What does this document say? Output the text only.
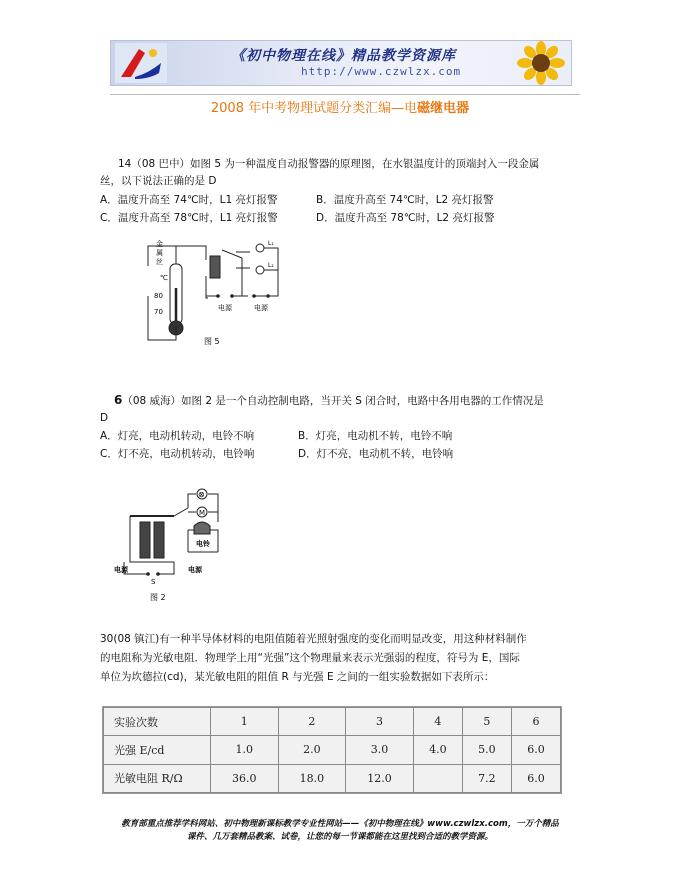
《初中物理在线》精品教学资源库
http://www.czwlzx.com
2008 年中考物理试题分类汇编—电磁继电器
14（08 巴中）如图 5 为一种温度自动报警器的原理图，在水银温度计的顶端封入一段金属
丝，以下说法正确的是 D
A．温度升高至 74℃时，L1 亮灯报警	B．温度升高至 74℃时，L2 亮灯报警
C．温度升高至 78℃时，L1 亮灯报警	D．温度升高至 78℃时，L2 亮灯报警
金
属
丝
℃
80
70
L₁
L₂
电源	电源
图 5
6（08 威海）如图 2 是一个自动控制电路，当开关 S 闭合时，电路中各用电器的工作情况是
D
A．灯亮，电动机转动，电铃不响	B．灯亮，电动机不转，电铃不响
C．灯不亮，电动机转动，电铃响	D．灯不亮，电动机不转，电铃响
⊗
M
电铃
电源	电源
S
图 2
30(08 镇江)有一种半导体材料的电阻值随着光照射强度的变化而明显改变，用这种材料制作
的电阻称为光敏电阻．物理学上用“光强”这个物理量来表示光强弱的程度，符号为 E，国际
单位为坎德拉(cd)，某光敏电阻的阻值 R 与光强 E 之间的一组实验数据如下表所示：
实验次数	1	2	3	4	5	6
光强 E/cd	1.0	2.0	3.0	4.0	5.0	6.0
光敏电阻 R/Ω	36.0	18.0	12.0		7.2	6.0
教育部重点推荐学科网站、初中物理新课标教学专业性网站——《初中物理在线》www.czwlzx.com，一万个精品
课件、几万套精品教案、试卷，让您的每一节课都能在这里找到合适的教学资源。
